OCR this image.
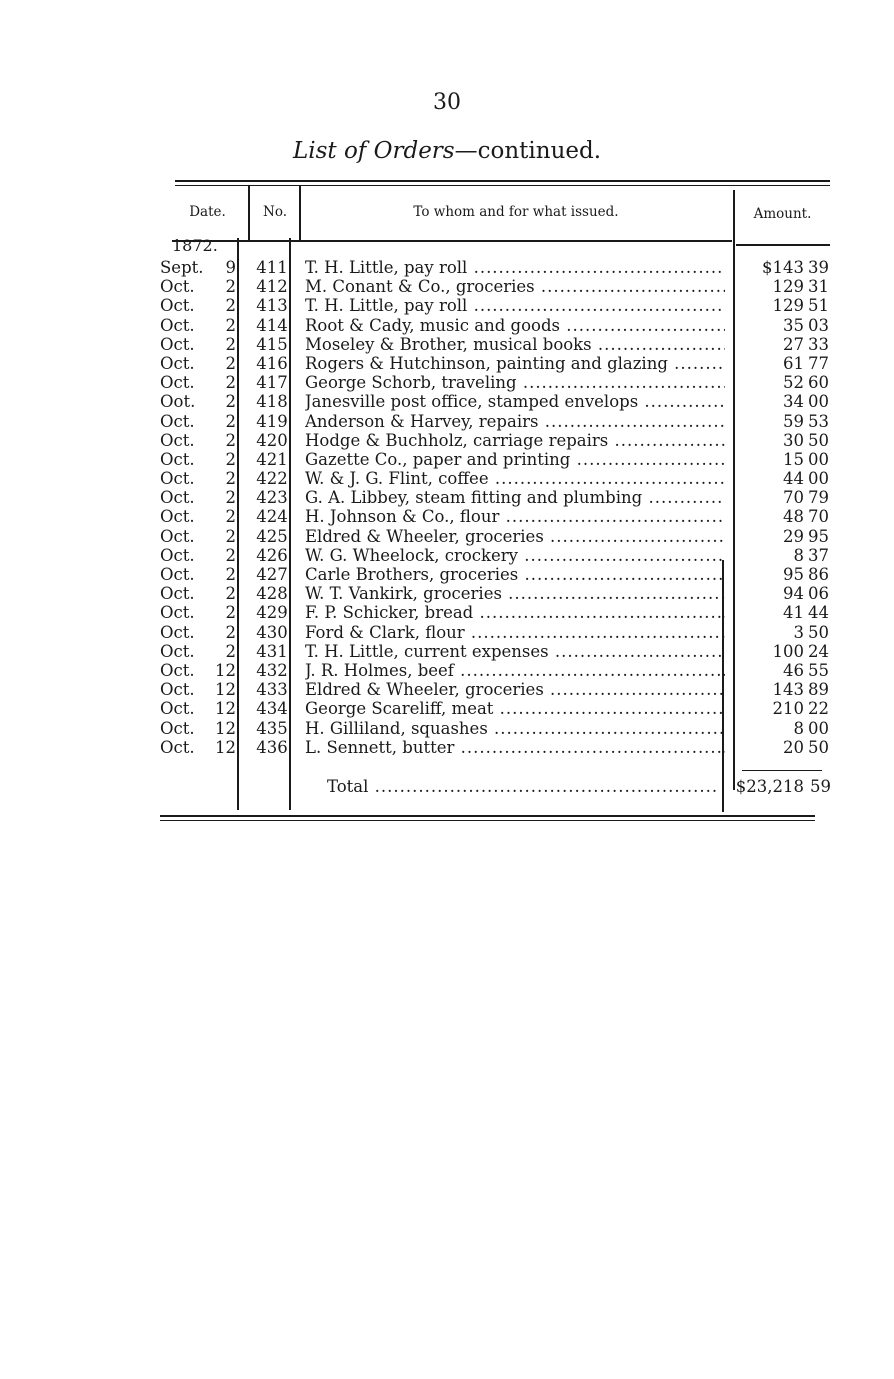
30
List of Orders—continued.
Date.	No.	To whom and for what issued.	Amount.
1872.
Sept.	9	411	T. H. Little, pay roll .....	$143 39
Oct.	2	412	M. Conant & Co., groceries .....	129 31
Oct.	2	413	T. H. Little, pay roll .....	129 51
Oct.	2	414	Root & Cady, music and goods .....	35 03
Oct.	2	415	Moseley & Brother, musical books .....	27 33
Oct.	2	416	Rogers & Hutchinson, painting and glazing .....	61 77
Oct.	2	417	George Schorb, traveling .....	52 60
Oot.	2	418	Janesville post office, stamped envelops .....	34 00
Oct.	2	419	Anderson & Harvey, repairs .....	59 53
Oct.	2	420	Hodge & Buchholz, carriage repairs .....	30 50
Oct.	2	421	Gazette Co., paper and printing .....	15 00
Oct.	2	422	W. & J. G. Flint, coffee .....	44 00
Oct.	2	423	G. A. Libbey, steam fitting and plumbing .....	70 79
Oct.	2	424	H. Johnson & Co., flour .....	48 70
Oct.	2	425	Eldred & Wheeler, groceries .....	29 95
Oct.	2	426	W. G. Wheelock, crockery .....	8 37
Oct.	2	427	Carle Brothers, groceries .....	95 86
Oct.	2	428	W. T. Vankirk, groceries .....	94 06
Oct.	2	429	F. P. Schicker, bread .....	41 44
Oct.	2	430	Ford & Clark, flour .....	3 50
Oct.	2	431	T. H. Little, current expenses .....	100 24
Oct.	12	432	J. R. Holmes, beef .....	46 55
Oct.	12	433	Eldred & Wheeler, groceries .....	143 89
Oct.	12	434	George Scareliff, meat .....	210 22
Oct.	12	435	H. Gilliland, squashes .....	8 00
Oct.	12	436	L. Sennett, butter .....	20 50
Total .....	$23,218 59
